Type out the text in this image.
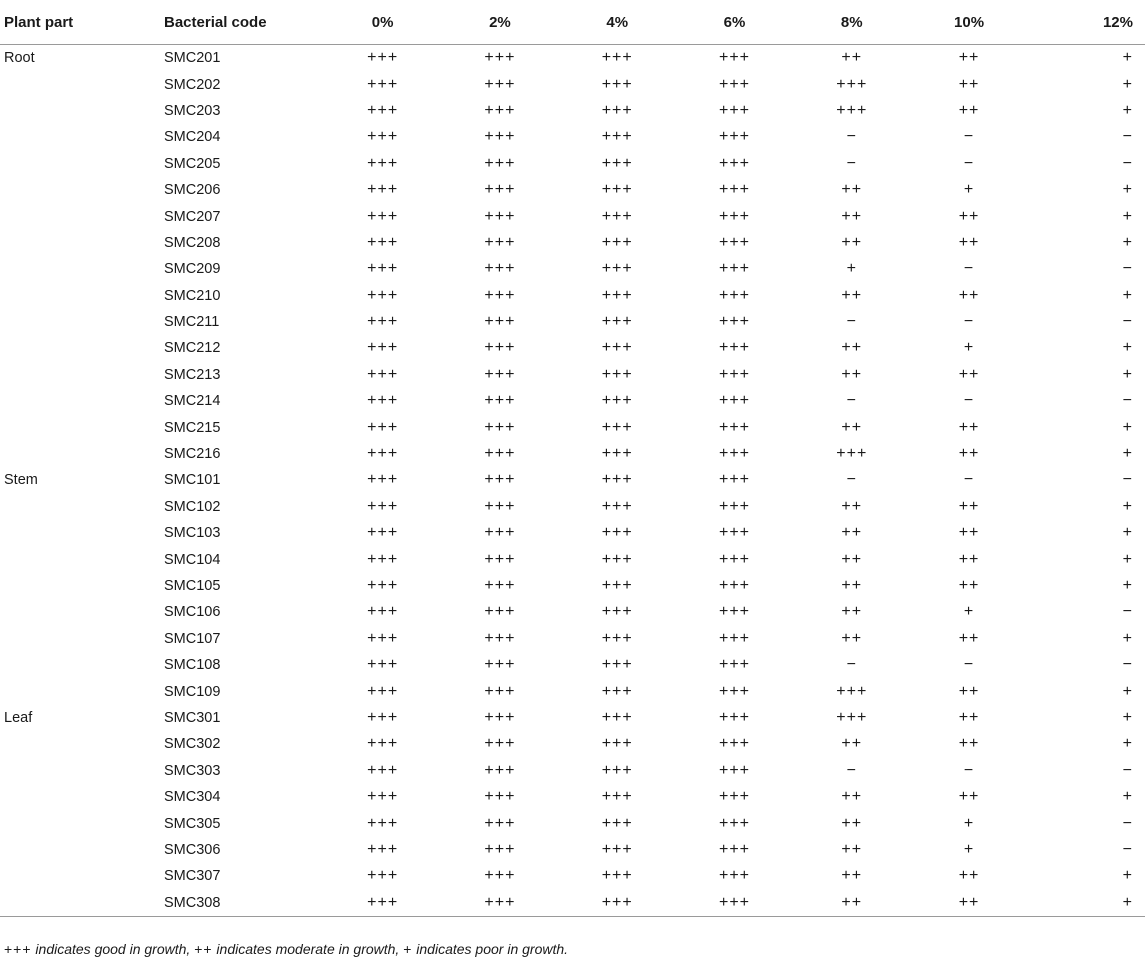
Plant part	Bacterial code	0%	2%	4%	6%	8%	10%	12%
Root	SMC201	+++	+++	+++	+++	++	++	+
	SMC202	+++	+++	+++	+++	+++	++	+
	SMC203	+++	+++	+++	+++	+++	++	+
	SMC204	+++	+++	+++	+++	−	−	−
	SMC205	+++	+++	+++	+++	−	−	−
	SMC206	+++	+++	+++	+++	++	+	+
	SMC207	+++	+++	+++	+++	++	++	+
	SMC208	+++	+++	+++	+++	++	++	+
	SMC209	+++	+++	+++	+++	+	−	−
	SMC210	+++	+++	+++	+++	++	++	+
	SMC211	+++	+++	+++	+++	−	−	−
	SMC212	+++	+++	+++	+++	++	+	+
	SMC213	+++	+++	+++	+++	++	++	+
	SMC214	+++	+++	+++	+++	−	−	−
	SMC215	+++	+++	+++	+++	++	++	+
	SMC216	+++	+++	+++	+++	+++	++	+
Stem	SMC101	+++	+++	+++	+++	−	−	−
	SMC102	+++	+++	+++	+++	++	++	+
	SMC103	+++	+++	+++	+++	++	++	+
	SMC104	+++	+++	+++	+++	++	++	+
	SMC105	+++	+++	+++	+++	++	++	+
	SMC106	+++	+++	+++	+++	++	+	−
	SMC107	+++	+++	+++	+++	++	++	+
	SMC108	+++	+++	+++	+++	−	−	−
	SMC109	+++	+++	+++	+++	+++	++	+
Leaf	SMC301	+++	+++	+++	+++	+++	++	+
	SMC302	+++	+++	+++	+++	++	++	+
	SMC303	+++	+++	+++	+++	−	−	−
	SMC304	+++	+++	+++	+++	++	++	+
	SMC305	+++	+++	+++	+++	++	+	−
	SMC306	+++	+++	+++	+++	++	+	−
	SMC307	+++	+++	+++	+++	++	++	+
	SMC308	+++	+++	+++	+++	++	++	+
+++ indicates good in growth, ++ indicates moderate in growth, + indicates poor in growth.
